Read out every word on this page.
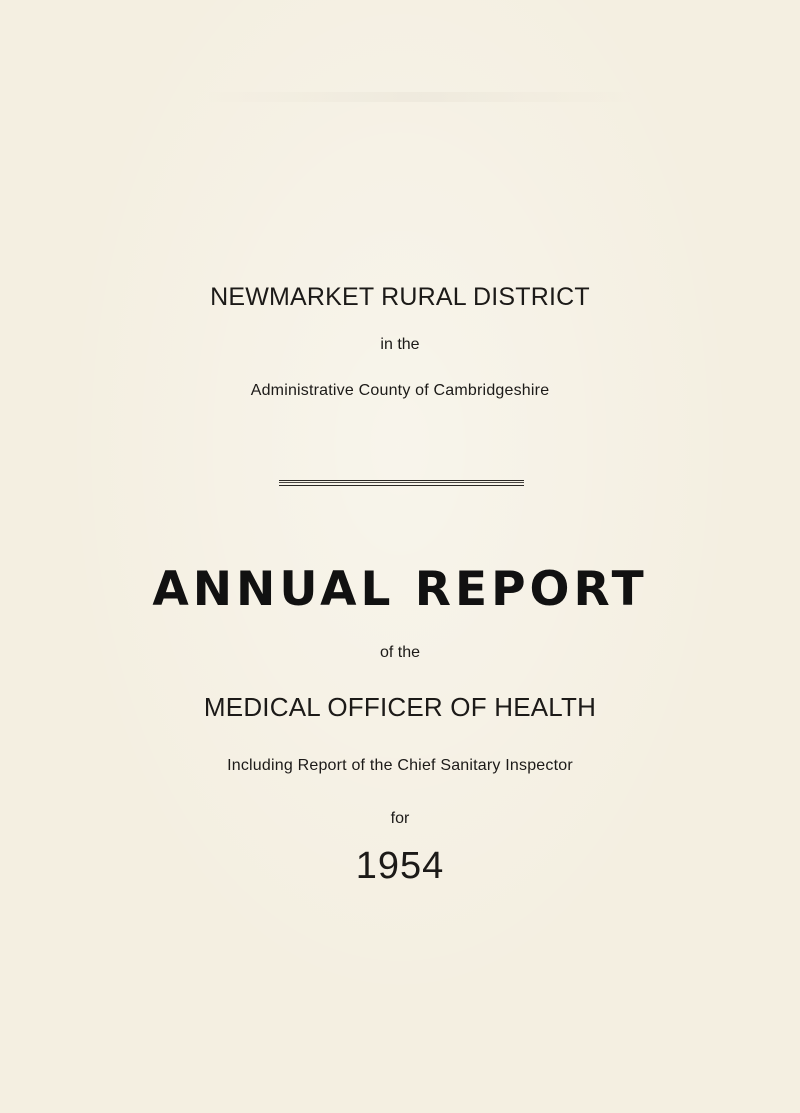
NEWMARKET RURAL DISTRICT
in the
Administrative County of Cambridgeshire
ANNUAL REPORT
of the
MEDICAL OFFICER OF HEALTH
Including Report of the Chief Sanitary Inspector
for
1954
